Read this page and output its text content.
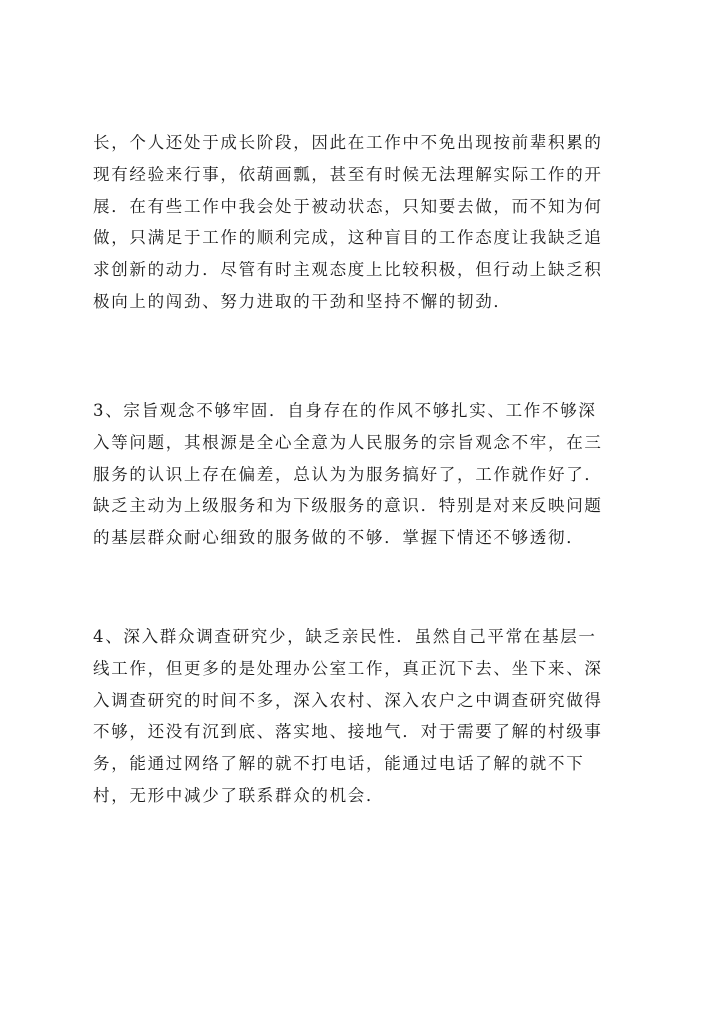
长，个人还处于成长阶段，因此在工作中不免出现按前辈积累的
现有经验来行事，依葫画瓢，甚至有时候无法理解实际工作的开
展．在有些工作中我会处于被动状态，只知要去做，而不知为何
做，只满足于工作的顺利完成，这种盲目的工作态度让我缺乏追
求创新的动力．尽管有时主观态度上比较积极，但行动上缺乏积
极向上的闯劲、努力进取的干劲和坚持不懈的韧劲．
3、宗旨观念不够牢固．自身存在的作风不够扎实、工作不够深
入等问题，其根源是全心全意为人民服务的宗旨观念不牢，在三
服务的认识上存在偏差，总认为为服务搞好了，工作就作好了．
缺乏主动为上级服务和为下级服务的意识．特别是对来反映问题
的基层群众耐心细致的服务做的不够．掌握下情还不够透彻．
4、深入群众调查研究少，缺乏亲民性．虽然自己平常在基层一
线工作，但更多的是处理办公室工作，真正沉下去、坐下来、深
入调查研究的时间不多，深入农村、深入农户之中调查研究做得
不够，还没有沉到底、落实地、接地气．对于需要了解的村级事
务，能通过网络了解的就不打电话，能通过电话了解的就不下
村，无形中减少了联系群众的机会．
